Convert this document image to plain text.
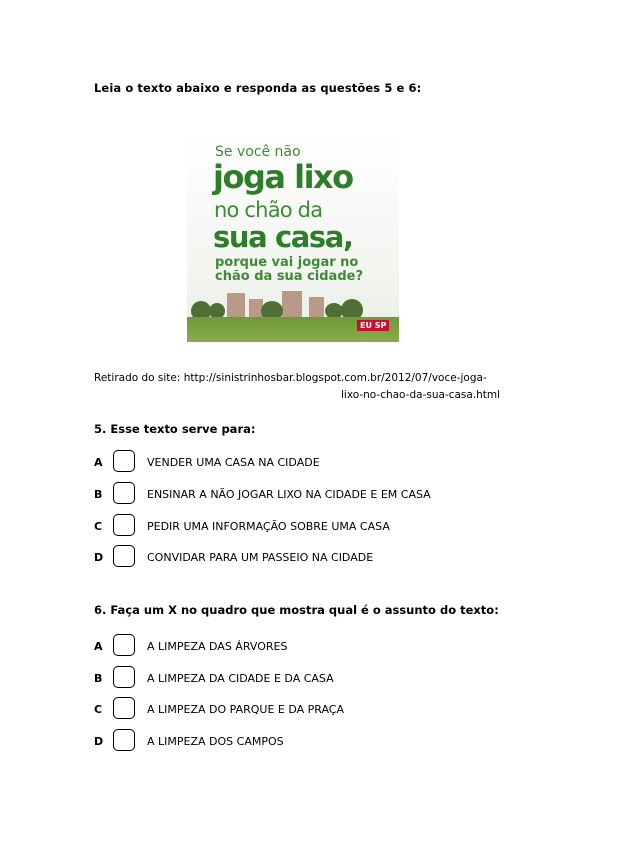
Leia o texto abaixo e responda as questões 5 e 6:
Se você não
joga lixo
no chão da
sua casa,
porque vai jogar no
chão da sua cidade?
EU SP
Retirado do site: http://sinistrinhosbar.blogspot.com.br/2012/07/voce-joga-
lixo-no-chao-da-sua-casa.html
5. Esse texto serve para:
A	VENDER UMA CASA NA CIDADE
B	ENSINAR A NÃO JOGAR LIXO NA CIDADE E EM CASA
C	PEDIR UMA INFORMAÇÃO SOBRE UMA CASA
D	CONVIDAR PARA UM PASSEIO NA CIDADE
6. Faça um X no quadro que mostra qual é o assunto do texto:
A	A LIMPEZA DAS ÁRVORES
B	A LIMPEZA DA CIDADE E DA CASA
C	A LIMPEZA DO PARQUE E DA PRAÇA
D	A LIMPEZA DOS CAMPOS
